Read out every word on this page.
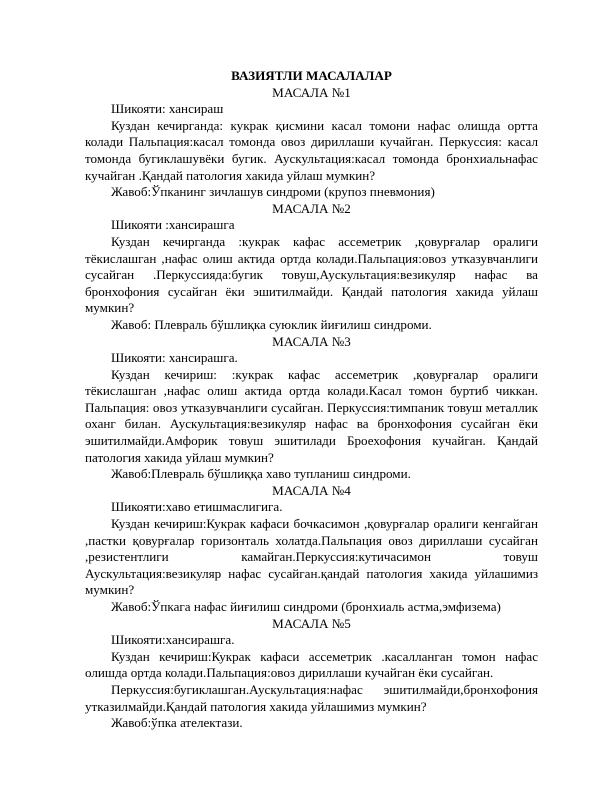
ВАЗИЯТЛИ МАСАЛАЛАР
МАСАЛА №1

Шикояти: хансираш

Куздан кечирганда: кукрак қисмини касал томони нафас олишда ортта колади Пальпация:касал томонда овоз дириллаши кучайган. Перкуссия: касал томонда бугиклашувёки бугик. Аускультация:касал томонда бронхиальнафас кучайган .Қандай патология хакида уйлаш мумкин?

Жавоб:Ўпканинг зичлашув синдроми (крупоз пневмония)

МАСАЛА №2

Шикояти :хансирашга

Куздан кечирганда :кукрак кафас ассеметрик ,қовурғалар оралиги тёкислашган ,нафас олиш актида ортда колади.Пальпация:овоз утказувчанлиги сусайган .Перкуссияда:бугик товуш,Аускультация:везикуляр нафас ва бронхофония сусайган ёки эшитилмайди. Қандай патология хакида уйлаш мумкин?

Жавоб: Плевраль бўшлиқка суюклик йиғилиш синдроми.

МАСАЛА №3

Шикояти: хансирашга.

Куздан кечириш: :кукрак кафас ассеметрик ,қовурғалар оралиги тёкислашган ,нафас олиш актида ортда колади.Касал томон буртиб чиккан. Пальпация: овоз утказувчанлиги сусайган. Перкуссия:тимпаник товуш металлик оханг билан. Аускультация:везикуляр нафас ва бронхофония сусайган ёки эшитилмайди.Амфорик товуш эшитилади Броехофония кучайган. Қандай патология хакида уйлаш мумкин?

Жавоб:Плевраль бўшлиққа хаво тупланиш синдроми.

МАСАЛА №4

Шикояти:хаво етишмаслигига.

Куздан кечириш:Кукрак кафаси бочкасимон ,қовурғалар оралиги кенгайган ,пастки қовурғалар горизонталь холатда.Пальпация овоз дириллаши сусайган ,резистентлиги камайган.Перкуссия:кутичасимон товуш Аускультация:везикуляр нафас сусайган.қандай патология хакида уйлашимиз мумкин?

Жавоб:Ўпкага нафас йиғилиш синдроми (бронхиаль астма,эмфизема)

МАСАЛА №5

Шикояти:хансирашга.

Куздан кечириш:Кукрак кафаси ассеметрик .касалланган томон нафас олишда ортда колади.Пальпация:овоз дириллаши кучайган ёки сусайган.

Перкуссия:бугиклашган.Аускультация:нафас эшитилмайди,бронхофония утказилмайди.Қандай патология хакида уйлашимиз мумкин?

Жавоб:ўпка ателектази.
